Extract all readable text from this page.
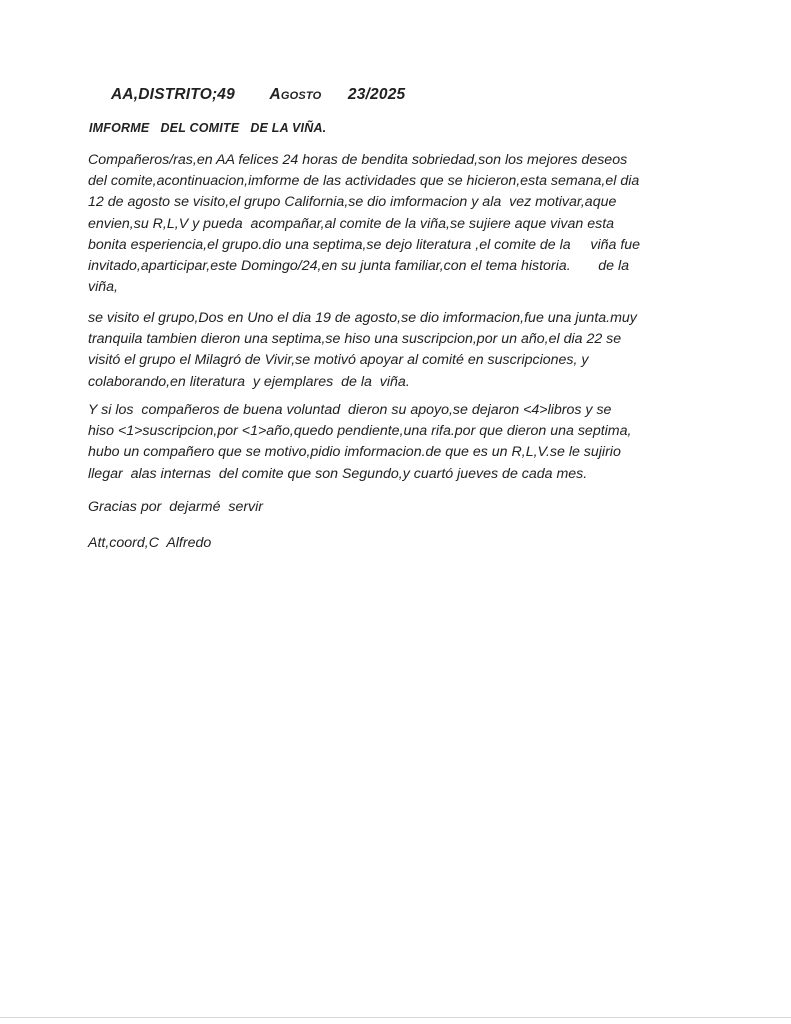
AA,DISTRITO;49 Agosto 23/2025
IMFORME   DEL COMITE   DE LA VIÑA.
Compañeros/ras,en AA felices 24 horas de bendita sobriedad,son los mejores deseos
del comite,acontinuacion,imforme de las actividades que se hicieron,esta semana,el dia
12 de agosto se visito,el grupo California,se dio imformacion y ala  vez motivar,aque
envien,su R,L,V y pueda  acompañar,al comite de la viña,se sujiere aque vivan esta
bonita esperiencia,el grupo.dio una septima,se dejo literatura ,el comite de la     viña fue
invitado,aparticipar,este Domingo/24,en su junta familiar,con el tema historia.       de la
viña,
se visito el grupo,Dos en Uno el dia 19 de agosto,se dio imformacion,fue una junta.muy
tranquila tambien dieron una septima,se hiso una suscripcion,por un año,el dia 22 se
visitó el grupo el Milagró de Vivir,se motivó apoyar al comité en suscripciones, y
colaborando,en literatura  y ejemplares  de la  viña.
Y si los  compañeros de buena voluntad  dieron su apoyo,se dejaron <4>libros y se
hiso <1>suscripcion,por <1>año,quedo pendiente,una rifa.por que dieron una septima,
hubo un compañero que se motivo,pidio imformacion.de que es un R,L,V.se le sujirio
llegar  alas internas  del comite que son Segundo,y cuartó jueves de cada mes.
Gracias por  dejarmé  servir
Att,coord,C  Alfredo
